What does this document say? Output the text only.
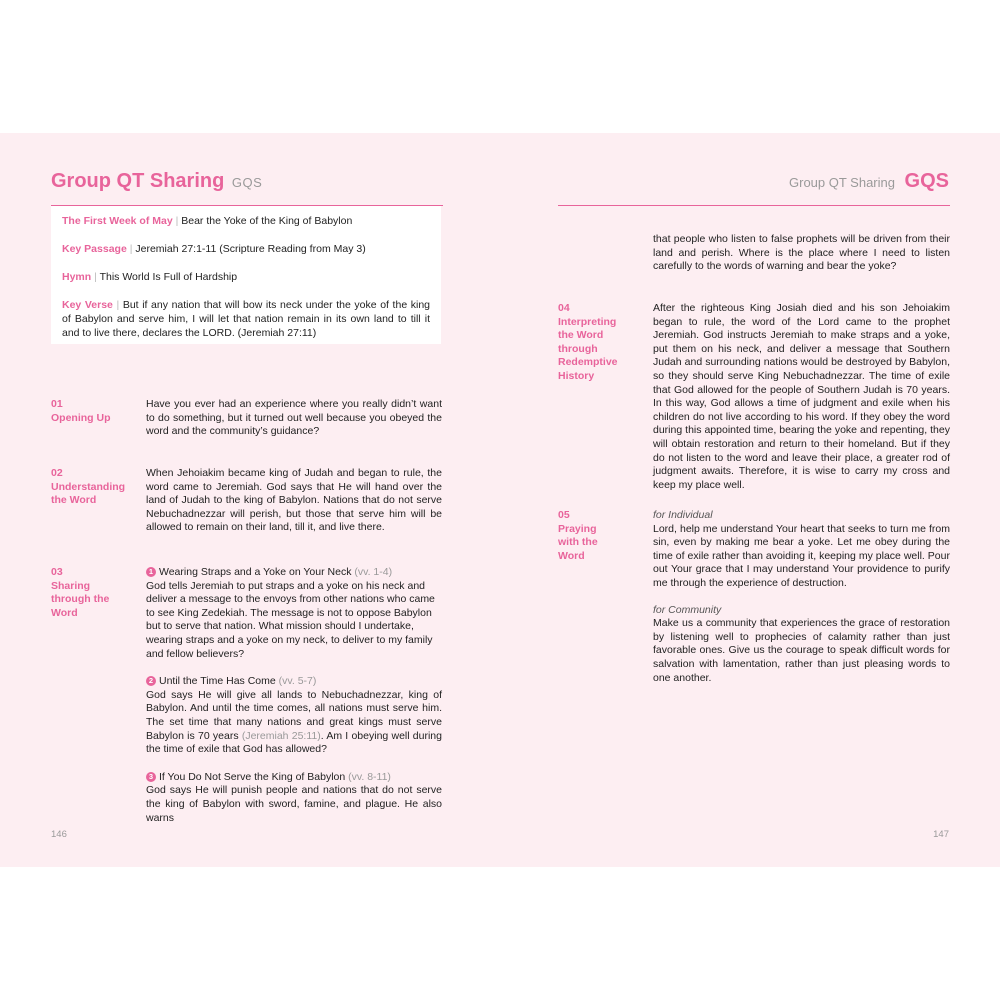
Group QT Sharing GQS	Group QT Sharing GQS

The First Week of May | Bear the Yoke of the King of Babylon

Key Passage | Jeremiah 27:1-11 (Scripture Reading from May 3)

Hymn | This World Is Full of Hardship

Key Verse | But if any nation that will bow its neck under the yoke of the king of Babylon and serve him, I will let that nation remain in its own land to till it and to live there, declares the LORD. (Jeremiah 27:11)

01
Opening Up

Have you ever had an experience where you really didn’t want to do something, but it turned out well because you obeyed the word and the community’s guidance?

02
Understanding the Word

When Jehoiakim became king of Judah and began to rule, the word came to Jeremiah. God says that He will hand over the land of Judah to the king of Babylon. Nations that do not serve Nebuchadnezzar will perish, but those that serve him will be allowed to remain on their land, till it, and live there.

03
Sharing through the Word

1 Wearing Straps and a Yoke on Your Neck (vv. 1-4)

God tells Jeremiah to put straps and a yoke on his neck and deliver a message to the envoys from other nations who came to see King Zedekiah. The message is not to oppose Babylon but to serve that nation. What mission should I undertake, wearing straps and a yoke on my neck, to deliver to my family and fellow believers?

2 Until the Time Has Come (vv. 5-7)

God says He will give all lands to Nebuchadnezzar, king of Babylon. And until the time comes, all nations must serve him. The set time that many nations and great kings must serve Babylon is 70 years (Jeremiah 25:11). Am I obeying well during the time of exile that God has allowed?

3 If You Do Not Serve the King of Babylon (vv. 8-11)

God says He will punish people and nations that do not serve the king of Babylon with sword, famine, and plague. He also warns

that people who listen to false prophets will be driven from their land and perish. Where is the place where I need to listen carefully to the words of warning and bear the yoke?

04
Interpreting the Word through Redemptive History

After the righteous King Josiah died and his son Jehoiakim began to rule, the word of the Lord came to the prophet Jeremiah. God instructs Jeremiah to make straps and a yoke, put them on his neck, and deliver a message that Southern Judah and surrounding nations would be destroyed by Babylon, so they should serve King Nebuchadnezzar. The time of exile that God allowed for the people of Southern Judah is 70 years. In this way, God allows a time of judgment and exile when his children do not live according to his word. If they obey the word during this appointed time, bearing the yoke and repenting, they will obtain restoration and return to their homeland. But if they do not listen to the word and leave their place, a greater rod of judgment awaits. Therefore, it is wise to carry my cross and keep my place well.

05
Praying with the Word

for Individual

Lord, help me understand Your heart that seeks to turn me from sin, even by making me bear a yoke. Let me obey during the time of exile rather than avoiding it, keeping my place well. Pour out Your grace that I may understand Your providence to purify me through the experience of destruction.

for Community

Make us a community that experiences the grace of restoration by listening well to prophecies of calamity rather than just favorable ones. Give us the courage to speak difficult words for salvation with lamentation, rather than just pleasing words to one another.

146	147
